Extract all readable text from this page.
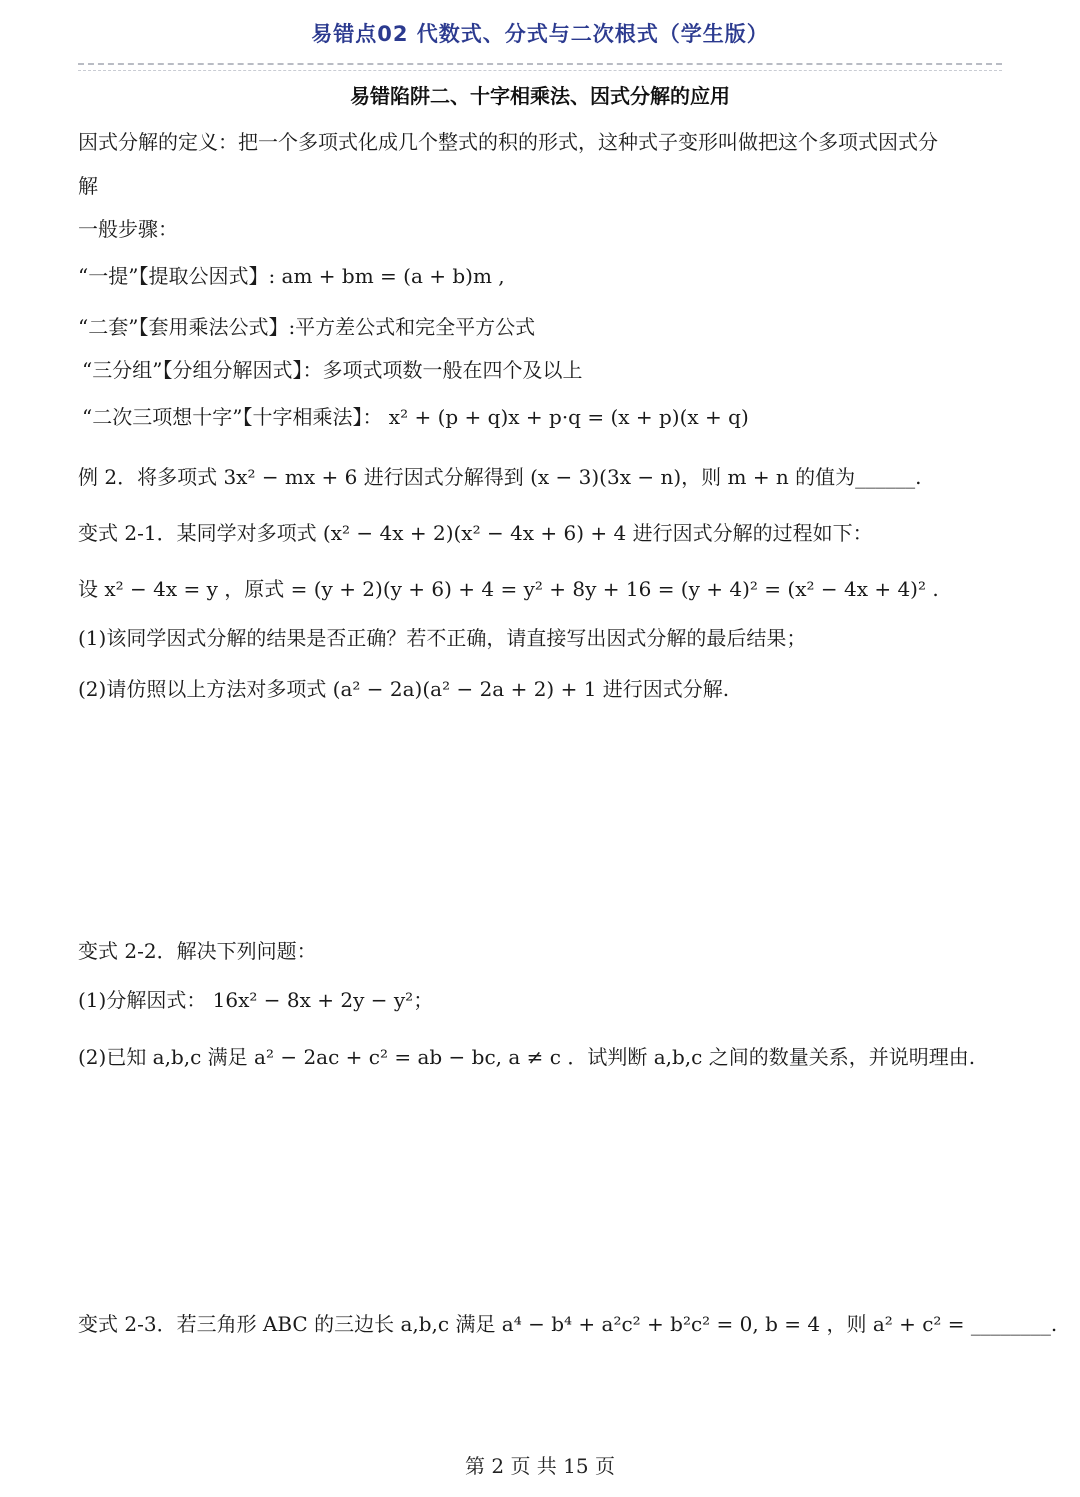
易错点02 代数式、分式与二次根式（学生版）
易错陷阱二、十字相乘法、因式分解的应用
因式分解的定义：把一个多项式化成几个整式的积的形式，这种式子变形叫做把这个多项式因式分
解
一般步骤：
“一提”【提取公因式】: am + bm = (a + b)m ,
“二套”【套用乘法公式】:平方差公式和完全平方公式
“三分组”【分组分解因式】：多项式项数一般在四个及以上
“二次三项想十字”【十字相乘法】： x² + (p + q)x + p·q = (x + p)(x + q)
例 2．将多项式 3x² − mx + 6 进行因式分解得到 (x − 3)(3x − n)，则 m + n 的值为______.
变式 2-1．某同学对多项式 (x² − 4x + 2)(x² − 4x + 6) + 4 进行因式分解的过程如下：
设 x² − 4x = y ，原式 = (y + 2)(y + 6) + 4 = y² + 8y + 16 = (y + 4)² = (x² − 4x + 4)² .
(1)该同学因式分解的结果是否正确？若不正确，请直接写出因式分解的最后结果；
(2)请仿照以上方法对多项式 (a² − 2a)(a² − 2a + 2) + 1 进行因式分解.
变式 2-2．解决下列问题：
(1)分解因式： 16x² − 8x + 2y − y²；
(2)已知 a,b,c 满足 a² − 2ac + c² = ab − bc, a ≠ c ．试判断 a,b,c 之间的数量关系，并说明理由.
变式 2-3．若三角形 ABC 的三边长 a,b,c 满足 a⁴ − b⁴ + a²c² + b²c² = 0, b = 4 ，则 a² + c² = ________.
第 2 页 共 15 页
